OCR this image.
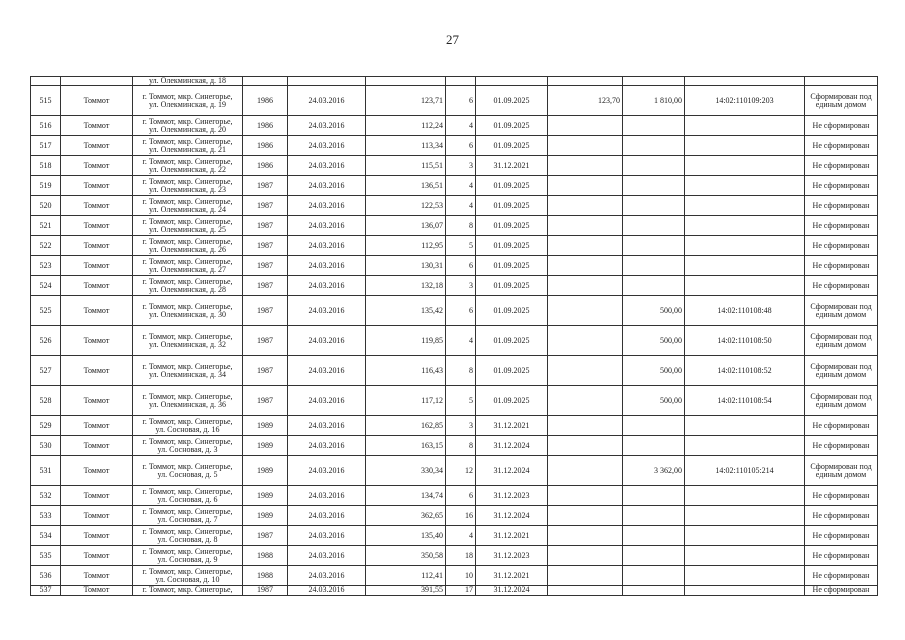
27
		ул. Олекминская, д. 18									
515	Томмот	г. Томмот, мкр. Синегорье,
ул. Олекминская, д. 19	1986	24.03.2016	123,71	6	01.09.2025	123,70	1 810,00	14:02:110109:203	Сформирован под единым домом
516	Томмот	г. Томмот, мкр. Синегорье,
ул. Олекминская, д. 20	1986	24.03.2016	112,24	4	01.09.2025				Не сформирован
517	Томмот	г. Томмот, мкр. Синегорье,
ул. Олекминская, д. 21	1986	24.03.2016	113,34	6	01.09.2025				Не сформирован
518	Томмот	г. Томмот, мкр. Синегорье,
ул. Олекминская, д. 22	1986	24.03.2016	115,51	3	31.12.2021				Не сформирован
519	Томмот	г. Томмот, мкр. Синегорье,
ул. Олекминская, д. 23	1987	24.03.2016	136,51	4	01.09.2025				Не сформирован
520	Томмот	г. Томмот, мкр. Синегорье,
ул. Олекминская, д. 24	1987	24.03.2016	122,53	4	01.09.2025				Не сформирован
521	Томмот	г. Томмот, мкр. Синегорье,
ул. Олекминская, д. 25	1987	24.03.2016	136,07	8	01.09.2025				Не сформирован
522	Томмот	г. Томмот, мкр. Синегорье,
ул. Олекминская, д. 26	1987	24.03.2016	112,95	5	01.09.2025				Не сформирован
523	Томмот	г. Томмот, мкр. Синегорье,
ул. Олекминская, д. 27	1987	24.03.2016	130,31	6	01.09.2025				Не сформирован
524	Томмот	г. Томмот, мкр. Синегорье,
ул. Олекминская, д. 28	1987	24.03.2016	132,18	3	01.09.2025				Не сформирован
525	Томмот	г. Томмот, мкр. Синегорье,
ул. Олекминская, д. 30	1987	24.03.2016	135,42	6	01.09.2025		500,00	14:02:110108:48	Сформирован под единым домом
526	Томмот	г. Томмот, мкр. Синегорье,
ул. Олекминская, д. 32	1987	24.03.2016	119,85	4	01.09.2025		500,00	14:02:110108:50	Сформирован под единым домом
527	Томмот	г. Томмот, мкр. Синегорье,
ул. Олекминская, д. 34	1987	24.03.2016	116,43	8	01.09.2025		500,00	14:02:110108:52	Сформирован под единым домом
528	Томмот	г. Томмот, мкр. Синегорье,
ул. Олекминская, д. 36	1987	24.03.2016	117,12	5	01.09.2025		500,00	14:02:110108:54	Сформирован под единым домом
529	Томмот	г. Томмот, мкр. Синегорье,
ул. Сосновая, д. 16	1989	24.03.2016	162,85	3	31.12.2021				Не сформирован
530	Томмот	г. Томмот, мкр. Синегорье,
ул. Сосновая, д. 3	1989	24.03.2016	163,15	8	31.12.2024				Не сформирован
531	Томмот	г. Томмот, мкр. Синегорье,
ул. Сосновая, д. 5	1989	24.03.2016	330,34	12	31.12.2024		3 362,00	14:02:110105:214	Сформирован под единым домом
532	Томмот	г. Томмот, мкр. Синегорье,
ул. Сосновая, д. 6	1989	24.03.2016	134,74	6	31.12.2023				Не сформирован
533	Томмот	г. Томмот, мкр. Синегорье,
ул. Сосновая, д. 7	1989	24.03.2016	362,65	16	31.12.2024				Не сформирован
534	Томмот	г. Томмот, мкр. Синегорье,
ул. Сосновая, д. 8	1987	24.03.2016	135,40	4	31.12.2021				Не сформирован
535	Томмот	г. Томмот, мкр. Синегорье,
ул. Сосновая, д. 9	1988	24.03.2016	350,58	18	31.12.2023				Не сформирован
536	Томмот	г. Томмот, мкр. Синегорье,
ул. Сосновая, д. 10	1988	24.03.2016	112,41	10	31.12.2021				Не сформирован
537	Томмот	г. Томмот, мкр. Синегорье,	1987	24.03.2016	391,55	17	31.12.2024				Не сформирован
